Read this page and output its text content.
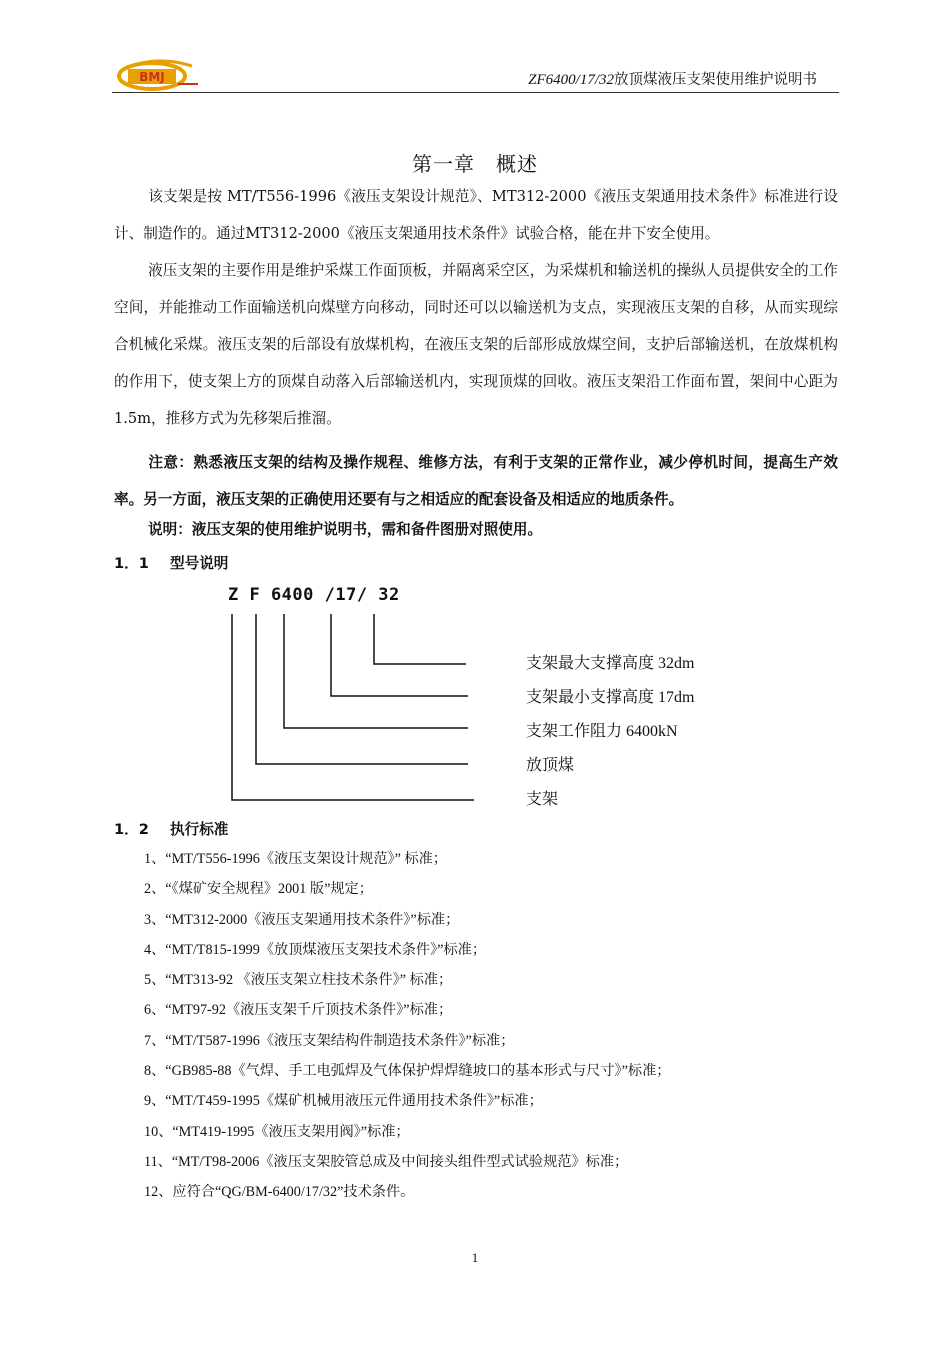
BMJ	ZF6400/17/32放顶煤液压支架使用维护说明书
第一章　概述
该支架是按 MT/T556-1996《液压支架设计规范》、MT312-2000《液压支架通用技术条件》标准进行设计、制造作的。通过MT312-2000《液压支架通用技术条件》试验合格，能在井下安全使用。
液压支架的主要作用是维护采煤工作面顶板，并隔离采空区，为采煤机和输送机的操纵人员提供安全的工作空间，并能推动工作面输送机向煤壁方向移动，同时还可以以输送机为支点，实现液压支架的自移，从而实现综合机械化采煤。液压支架的后部设有放煤机构，在液压支架的后部形成放煤空间，支护后部输送机，在放煤机构的作用下，使支架上方的顶煤自动落入后部输送机内，实现顶煤的回收。液压支架沿工作面布置，架间中心距为 1.5m，推移方式为先移架后推溜。
注意：熟悉液压支架的结构及操作规程、维修方法，有利于支架的正常作业，减少停机时间，提高生产效率。另一方面，液压支架的正确使用还要有与之相适应的配套设备及相适应的地质条件。
说明：液压支架的使用维护说明书，需和备件图册对照使用。
1．1 型号说明
Z F 6400 /17/ 32
支架最大支撑高度 32dm
支架最小支撑高度 17dm
支架工作阻力 6400kN
放顶煤
支架
1．2 执行标准
1、“MT/T556-1996《液压支架设计规范》” 标准；
2、“《煤矿安全规程》2001 版”规定；
3、“MT312-2000《液压支架通用技术条件》”标准；
4、“MT/T815-1999《放顶煤液压支架技术条件》”标准；
5、“MT313-92 《液压支架立柱技术条件》” 标准；
6、“MT97-92《液压支架千斤顶技术条件》”标准；
7、“MT/T587-1996《液压支架结构件制造技术条件》”标准；
8、“GB985-88《气焊、手工电弧焊及气体保护焊焊缝坡口的基本形式与尺寸》”标准；
9、“MT/T459-1995《煤矿机械用液压元件通用技术条件》”标准；
10、“MT419-1995《液压支架用阀》”标准；
11、“MT/T98-2006《液压支架胶管总成及中间接头组件型式试验规范》标准；
12、应符合“QG/BM-6400/17/32”技术条件。
1
